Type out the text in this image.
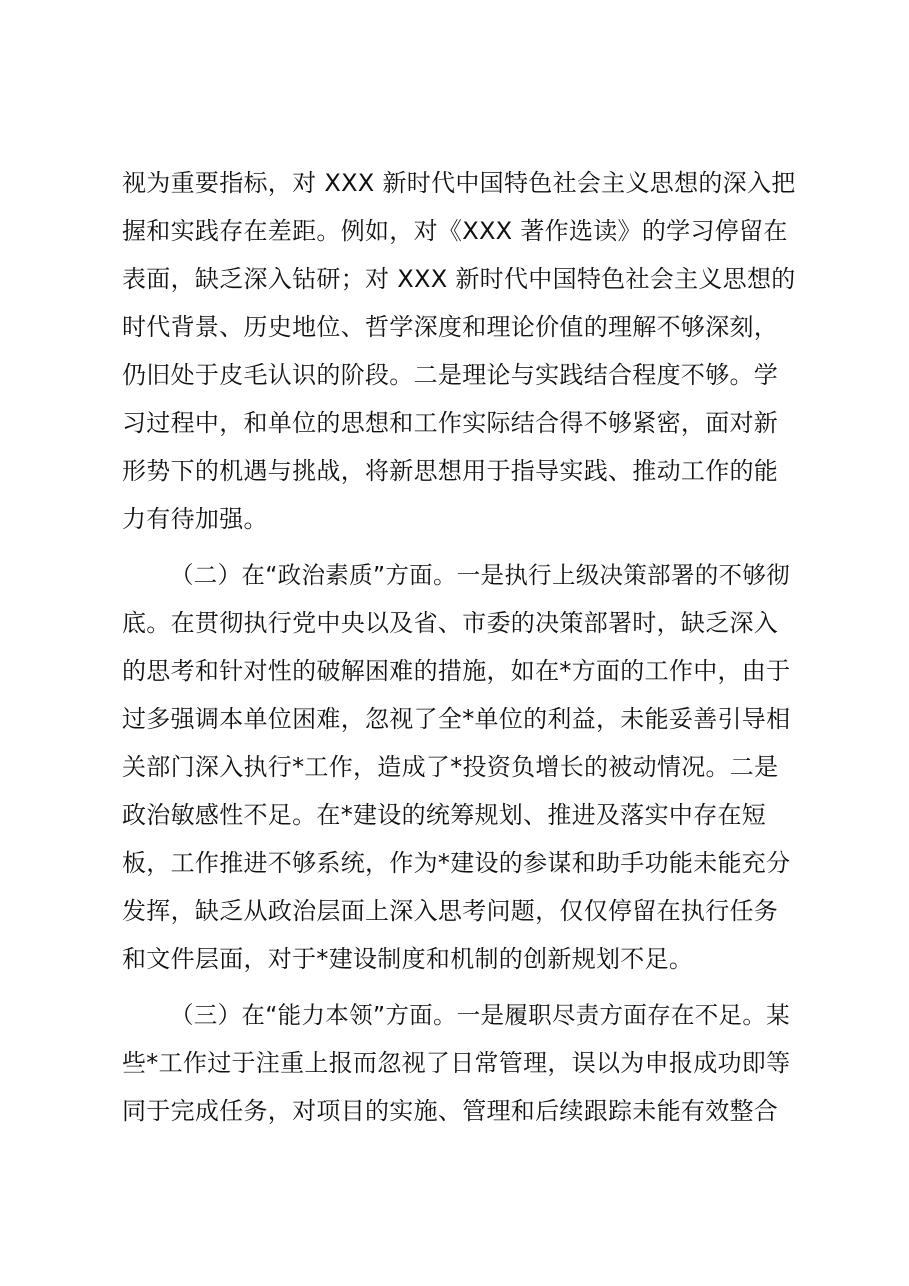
视为重要指标，对 XXX 新时代中国特色社会主义思想的深入把
握和实践存在差距。例如，对《XXX 著作选读》的学习停留在
表面，缺乏深入钻研；对 XXX 新时代中国特色社会主义思想的
时代背景、历史地位、哲学深度和理论价值的理解不够深刻，
仍旧处于皮毛认识的阶段。二是理论与实践结合程度不够。学
习过程中，和单位的思想和工作实际结合得不够紧密，面对新
形势下的机遇与挑战，将新思想用于指导实践、推动工作的能
力有待加强。
（二）在“政治素质”方面。一是执行上级决策部署的不够彻
底。在贯彻执行党中央以及省、市委的决策部署时，缺乏深入
的思考和针对性的破解困难的措施，如在*方面的工作中，由于
过多强调本单位困难，忽视了全*单位的利益，未能妥善引导相
关部门深入执行*工作，造成了*投资负增长的被动情况。二是
政治敏感性不足。在*建设的统筹规划、推进及落实中存在短
板，工作推进不够系统，作为*建设的参谋和助手功能未能充分
发挥，缺乏从政治层面上深入思考问题，仅仅停留在执行任务
和文件层面，对于*建设制度和机制的创新规划不足。
（三）在“能力本领”方面。一是履职尽责方面存在不足。某
些*工作过于注重上报而忽视了日常管理，误以为申报成功即等
同于完成任务，对项目的实施、管理和后续跟踪未能有效整合
